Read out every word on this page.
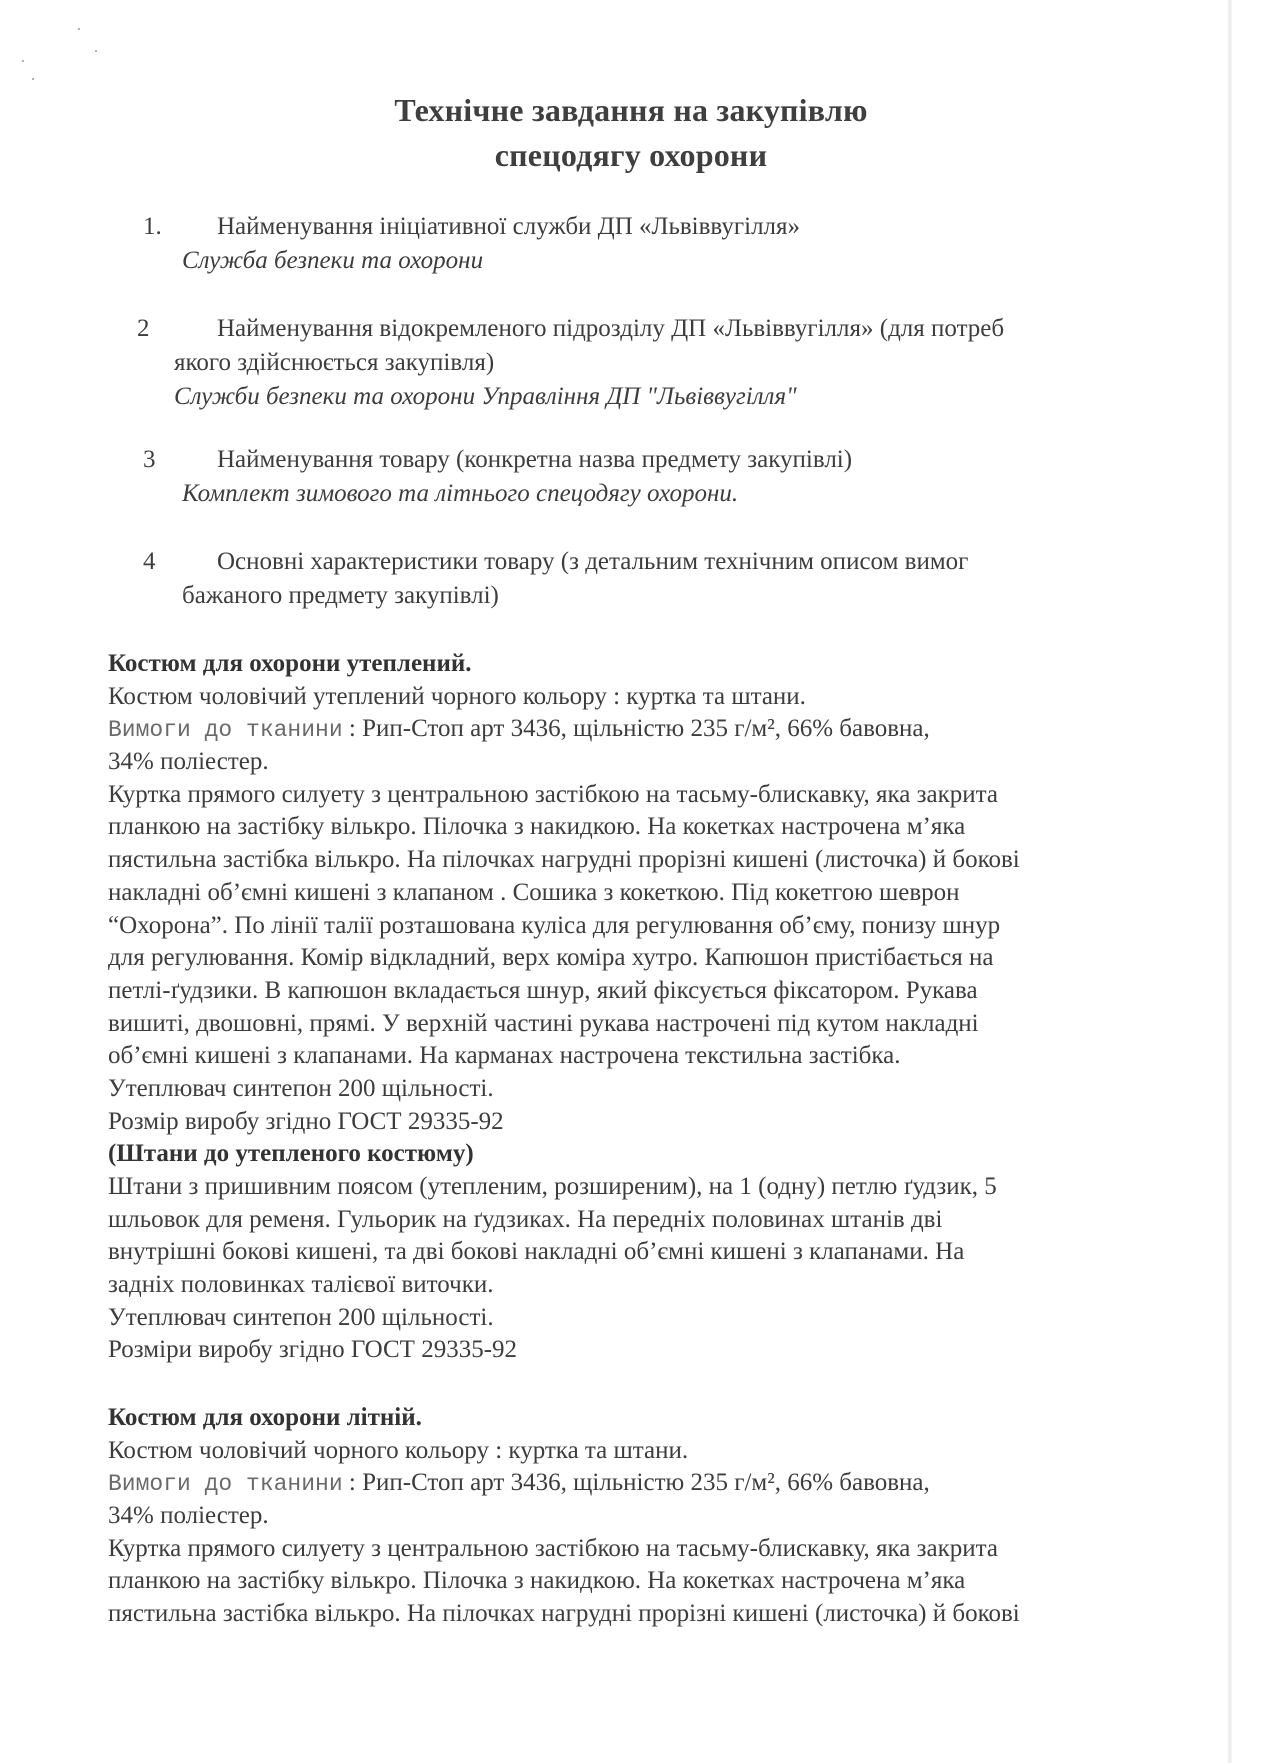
Технічне завдання на закупівлю
спецодягу охорони
1. Найменування ініціативної служби ДП «Львіввугілля»
Служба безпеки та охорони
2	Найменування відокремленого підрозділу ДП «Львіввугілля» (для потреб
якого здійснюється закупівля)
Служби безпеки та охорони Управління ДП "Львіввугілля"
3 Найменування товару (конкретна назва предмету закупівлі)
Комплект зимового та літнього спецодягу охорони.
4 Основні характеристики товару (з детальним технічним описом вимог
бажаного предмету закупівлі)
Костюм для охорони утеплений.
Костюм чоловічий утеплений чорного кольору : куртка та штани.
Вимоги до тканини : Рип-Стоп арт 3436, щільністю 235 г/м², 66% бавовна,
34% поліестер.
Куртка прямого силуету з центральною застібкою на тасьму-блискавку, яка закрита
планкою на застібку вількро. Пілочка з накидкою. На кокетках настрочена м’яка
пястильна застібка вількро. На пілочках нагрудні прорізні кишені (листочка) й бокові
накладні об’ємні кишені з клапаном . Сошика з кокеткою. Під кокетгою шеврон
“Охорона”. По лінії талії розташована куліса для регулювання об’єму, понизу шнур
для регулювання. Комір відкладний, верх коміра хутро. Капюшон пристібається на
петлі-ґудзики. В капюшон вкладається шнур, який фіксується фіксатором. Рукава
вишиті, двошовні, прямі. У верхній частині рукава настрочені під кутом накладні
об’ємні кишені з клапанами. На карманах настрочена текстильна застібка.
Утеплювач синтепон 200 щільності.
Розмір виробу згідно ГОСТ 29335-92
(Штани до утепленого костюму)
Штани з пришивним поясом (утепленим, розширеним), на 1 (одну) петлю ґудзик, 5
шльовок для ременя. Гульорик на ґудзиках. На передніх половинах штанів дві
внутрішні бокові кишені, та дві бокові накладні об’ємні кишені з клапанами. На
задніх половинках талієвої виточки.
Утеплювач синтепон 200 щільності.
Розміри виробу згідно ГОСТ 29335-92
Костюм для охорони літній.
Костюм чоловічий чорного кольору : куртка та штани.
Вимоги до тканини : Рип-Стоп арт 3436, щільністю 235 г/м², 66% бавовна,
34% поліестер.
Куртка прямого силуету з центральною застібкою на тасьму-блискавку, яка закрита
планкою на застібку вількро. Пілочка з накидкою. На кокетках настрочена м’яка
пястильна застібка вількро. На пілочках нагрудні прорізні кишені (листочка) й бокові
